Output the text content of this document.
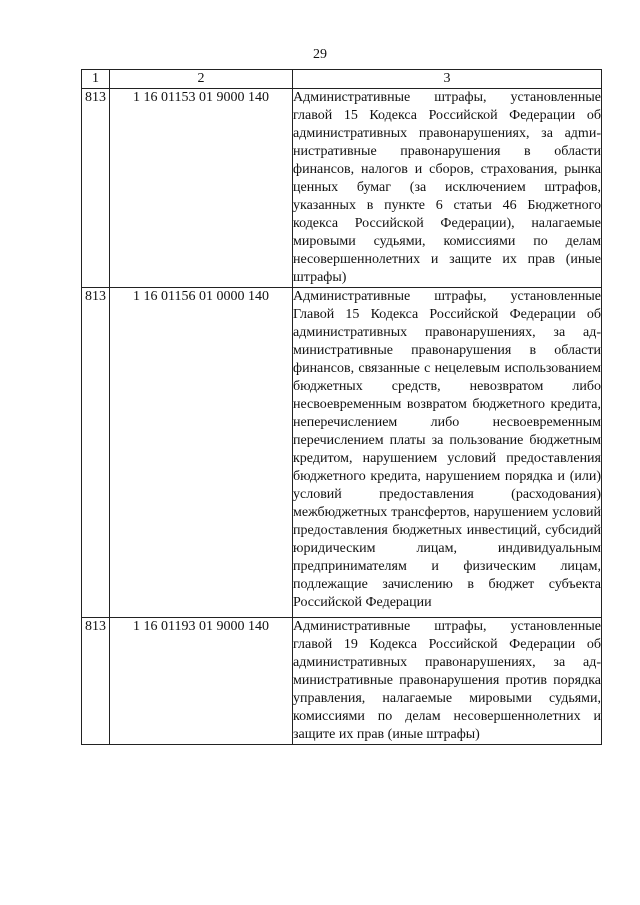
29
1	2	3
813	1 16 01153 01 9000 140	Административные штрафы, установленные главой 15 Кодекса Российской Федерации об административных правонарушениях, за адmинистративные правонарушения в области финансов, налогов и сборов, страхования, рынка ценных бумаг (за исключением штрафов, указанных в пункте 6 статьи 46 Бюджетного кодекса Российской Федерации), налагаемые мировыми судьями, комиссиями по делам несовершеннолетних и защите их прав (иные штрафы)
813	1 16 01156 01 0000 140	Административные штрафы, установленные Главой 15 Кодекса Российской Федерации об административных правонарушениях, за административные правонарушения в области финансов, связанные с нецелевым использованием бюджетных средств, невозвратом либо несвоевременным возвратом бюджетного кредита, неперечислением либо несвоевременным перечислением платы за пользование бюджетным кредитом, нарушением условий предоставления бюджетного кредита, нарушением порядка и (или) условий предоставления (расходования) межбюджетных трансфертов, нарушением условий предоставления бюджетных инвестиций, субсидий юридическим лицам, индивидуальным предпринимателям и физическим лицам, подлежащие зачислению в бюджет субъекта Российской Федерации
813	1 16 01193 01 9000 140	Административные штрафы, установленные главой 19 Кодекса Российской Федерации об административных правонарушениях, за административные правонарушения против порядка управления, налагаемые мировыми судьями, комиссиями по делам несовершеннолетних и защите их прав (иные штрафы)
